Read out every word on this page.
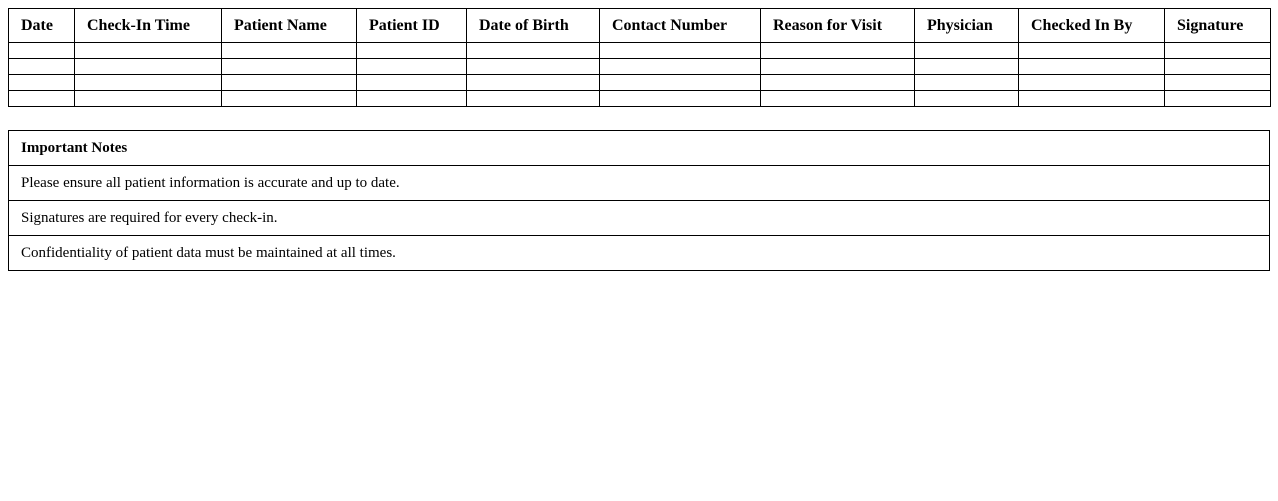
Date	Check-In Time	Patient Name	Patient ID	Date of Birth	Contact Number	Reason for Visit	Physician	Checked In By	Signature

Important Notes
Please ensure all patient information is accurate and up to date.
Signatures are required for every check-in.
Confidentiality of patient data must be maintained at all times.
